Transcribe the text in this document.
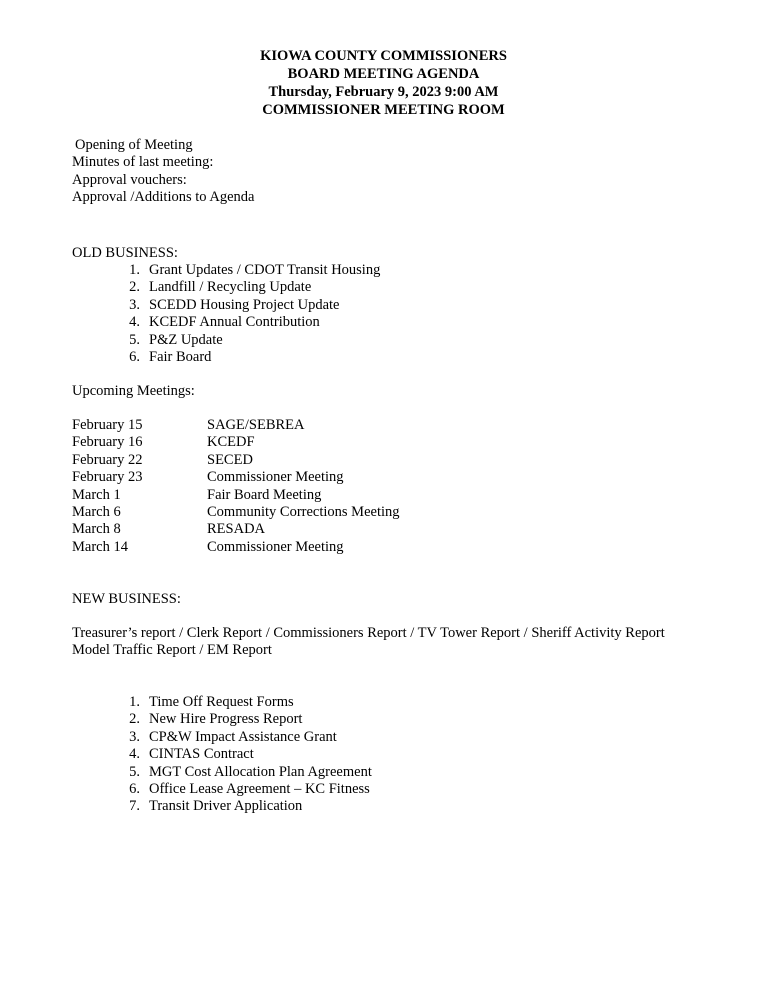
KIOWA COUNTY COMMISSIONERS
BOARD MEETING AGENDA
Thursday, February 9, 2023 9:00 AM
COMMISSIONER MEETING ROOM
Opening of Meeting
Minutes of last meeting:
Approval vouchers:
Approval /Additions to Agenda
OLD BUSINESS:
1. Grant Updates / CDOT Transit Housing
2. Landfill / Recycling Update
3. SCEDD Housing Project Update
4. KCEDF Annual Contribution
5. P&Z Update
6. Fair Board
Upcoming Meetings:
February 15	SAGE/SEBREA
February 16	KCEDF
February 22	SECED
February 23	Commissioner Meeting
March 1	Fair Board Meeting
March 6	Community Corrections Meeting
March 8	RESADA
March 14	Commissioner Meeting
NEW BUSINESS:
Treasurer’s report / Clerk Report / Commissioners Report / TV Tower Report / Sheriff Activity Report
Model Traffic Report / EM Report
1. Time Off Request Forms
2. New Hire Progress Report
3. CP&W Impact Assistance Grant
4. CINTAS Contract
5. MGT Cost Allocation Plan Agreement
6. Office Lease Agreement – KC Fitness
7. Transit Driver Application
